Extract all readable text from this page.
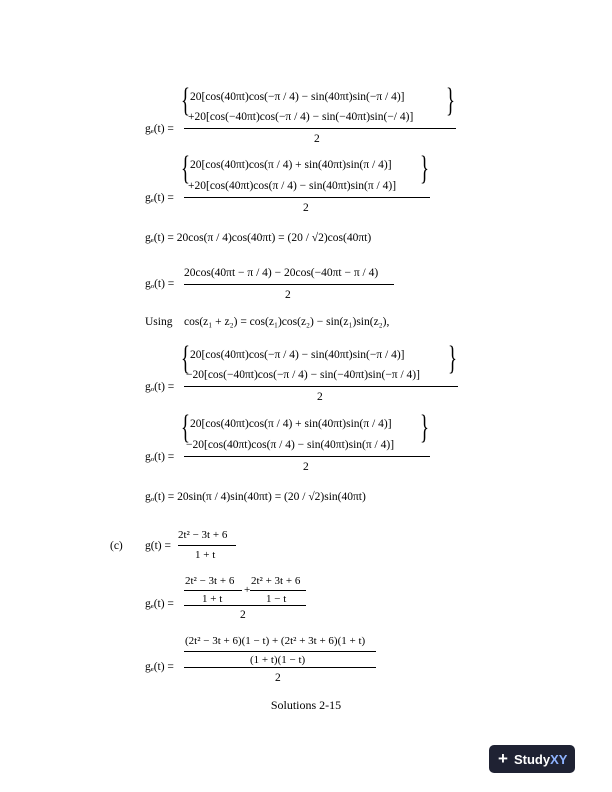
{ 20[cos(40πt)cos(−π / 4) − sin(40πt)sin(−π / 4)]
+20[cos(−40πt)cos(−π / 4) − sin(−40πt)sin(−/ 4)] }
gₑ(t) =
2
{ 20[cos(40πt)cos(π / 4) + sin(40πt)sin(π / 4)]
+20[cos(40πt)cos(π / 4) − sin(40πt)sin(π / 4)] }
gₑ(t) =
2
gₑ(t) = 20cos(π / 4)cos(40πt) = (20 / √2)cos(40πt)
20cos(40πt − π / 4) − 20cos(−40πt − π / 4)
gₒ(t) =
2
Using cos(z₁ + z₂) = cos(z₁)cos(z₂) − sin(z₁)sin(z₂),
{ 20[cos(40πt)cos(−π / 4) − sin(40πt)sin(−π / 4)]
−20[cos(−40πt)cos(−π / 4) − sin(−40πt)sin(−π / 4)] }
gₒ(t) =
2
{ 20[cos(40πt)cos(π / 4) + sin(40πt)sin(π / 4)]
−20[cos(40πt)cos(π / 4) − sin(40πt)sin(π / 4)] }
gₒ(t) =
2
gₒ(t) = 20sin(π / 4)sin(40πt) = (20 / √2)sin(40πt)
(c) g(t) =
2t² − 3t + 6
1 + t
2t² − 3t + 6
1 + t
+
2t² + 3t + 6
1 − t
gₑ(t) =
2
(2t² − 3t + 6)(1 − t) + (2t² + 3t + 6)(1 + t)
(1 + t)(1 − t)
gₑ(t) =
2
Solutions 2-15
+ Study XY
